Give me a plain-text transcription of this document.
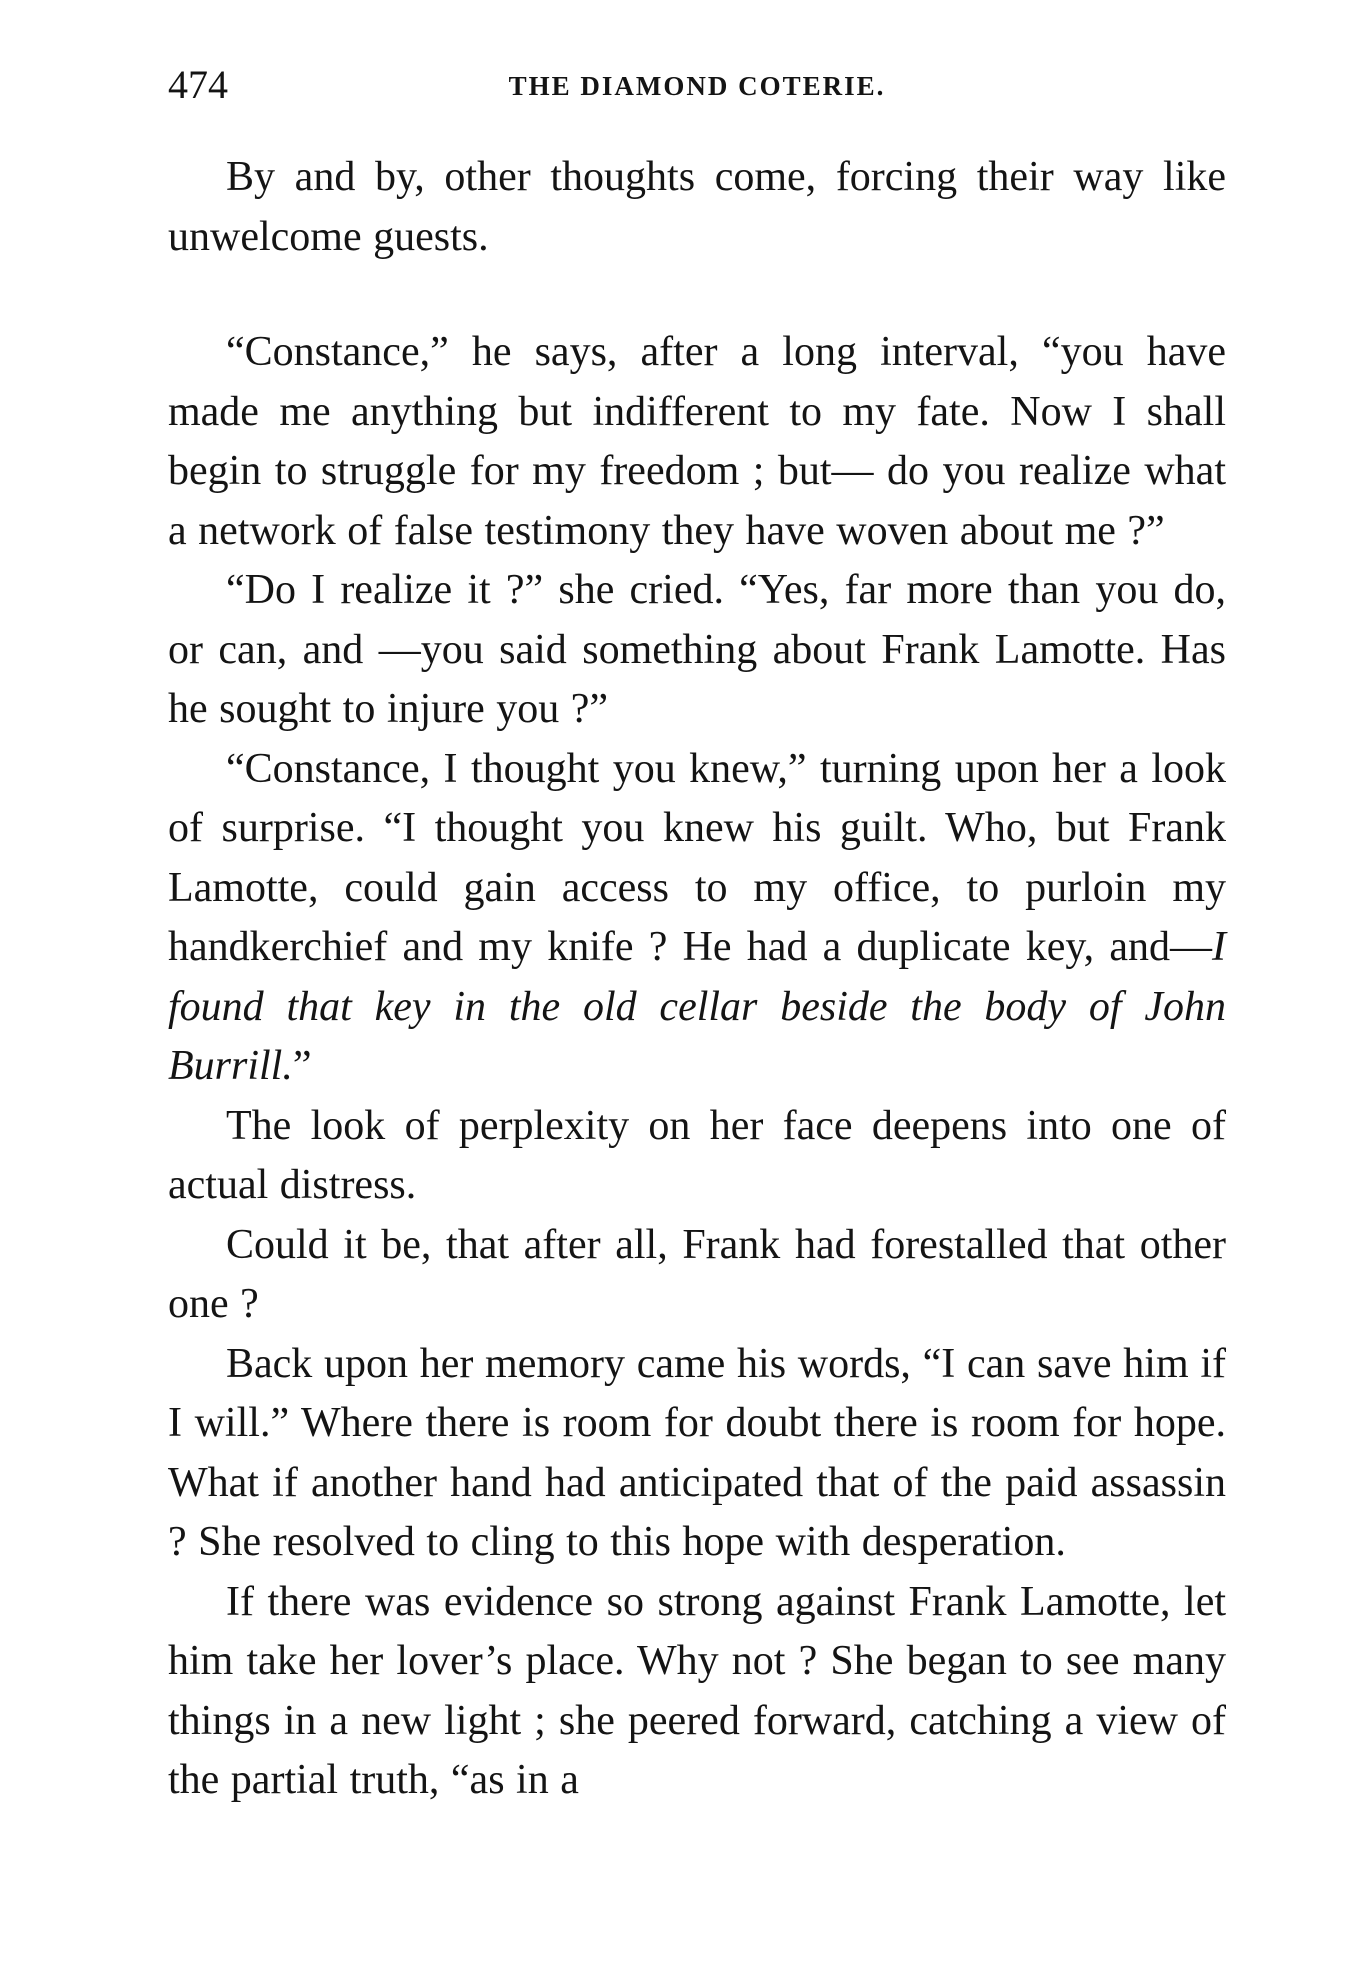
474	THE DIAMOND COTERIE.

By and by, other thoughts come, forcing their way like unwelcome guests.

“Constance,” he says, after a long interval, “you have made me anything but indifferent to my fate. Now I shall begin to struggle for my freedom ; but— do you realize what a network of false testimony they have woven about me ?”

“Do I realize it ?” she cried. “Yes, far more than you do, or can, and —you said something about Frank Lamotte. Has he sought to injure you ?”

“Constance, I thought you knew,” turning upon her a look of surprise. “I thought you knew his guilt. Who, but Frank Lamotte, could gain access to my office, to purloin my handkerchief and my knife ? He had a duplicate key, and—I found that key in the old cellar beside the body of John Burrill.”

The look of perplexity on her face deepens into one of actual distress.

Could it be, that after all, Frank had forestalled that other one ?

Back upon her memory came his words, “I can save him if I will.” Where there is room for doubt there is room for hope. What if another hand had anticipated that of the paid assassin ? She resolved to cling to this hope with desperation.

If there was evidence so strong against Frank Lamotte, let him take her lover’s place. Why not ? She began to see many things in a new light ; she peered forward, catching a view of the partial truth, “as in a
